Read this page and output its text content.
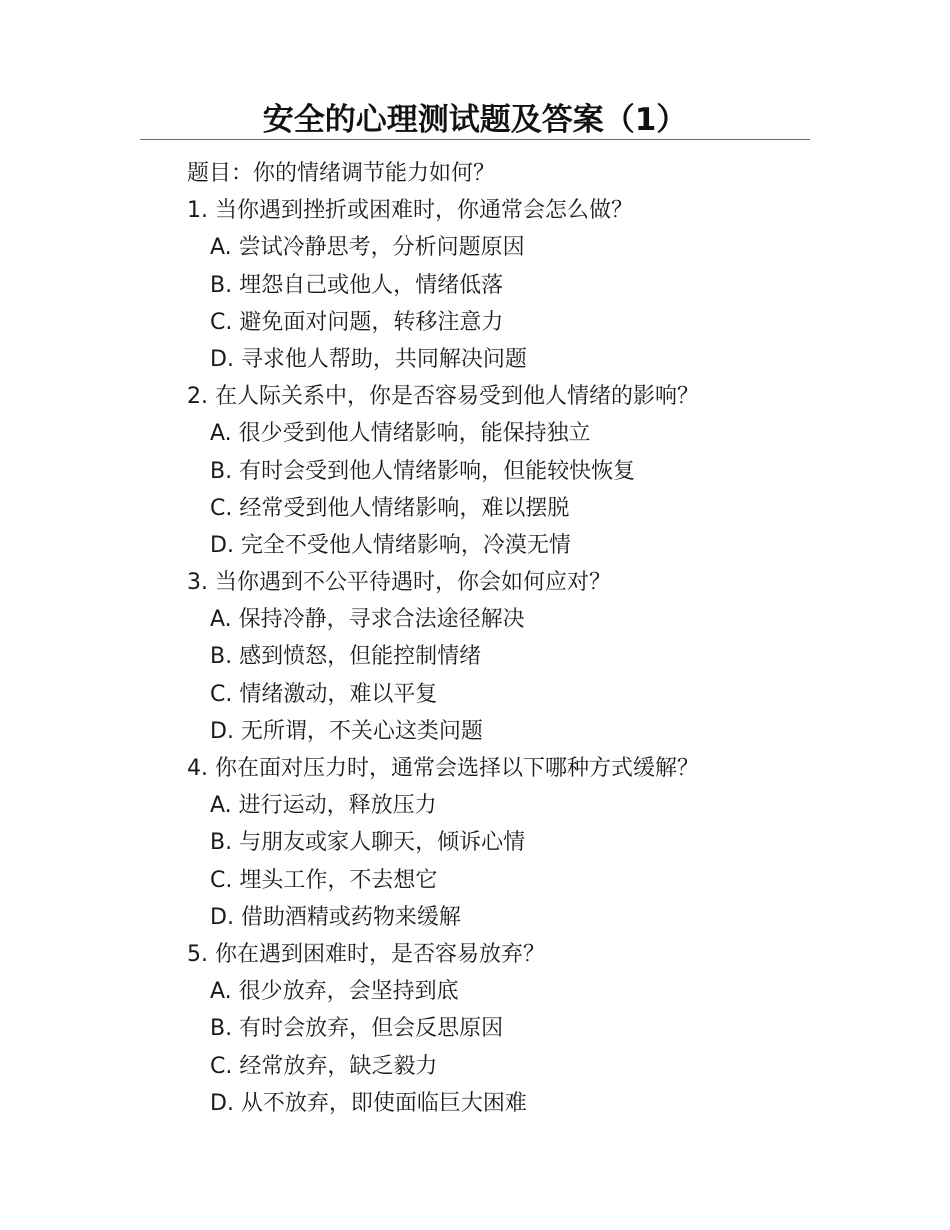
安全的心理测试题及答案（1）
题目：你的情绪调节能力如何？
1. 当你遇到挫折或困难时，你通常会怎么做？
A. 尝试冷静思考，分析问题原因
B. 埋怨自己或他人，情绪低落
C. 避免面对问题，转移注意力
D. 寻求他人帮助，共同解决问题
2. 在人际关系中，你是否容易受到他人情绪的影响？
A. 很少受到他人情绪影响，能保持独立
B. 有时会受到他人情绪影响，但能较快恢复
C. 经常受到他人情绪影响，难以摆脱
D. 完全不受他人情绪影响，冷漠无情
3. 当你遇到不公平待遇时，你会如何应对？
A. 保持冷静，寻求合法途径解决
B. 感到愤怒，但能控制情绪
C. 情绪激动，难以平复
D. 无所谓，不关心这类问题
4. 你在面对压力时，通常会选择以下哪种方式缓解？
A. 进行运动，释放压力
B. 与朋友或家人聊天，倾诉心情
C. 埋头工作，不去想它
D. 借助酒精或药物来缓解
5. 你在遇到困难时，是否容易放弃？
A. 很少放弃，会坚持到底
B. 有时会放弃，但会反思原因
C. 经常放弃，缺乏毅力
D. 从不放弃，即使面临巨大困难
